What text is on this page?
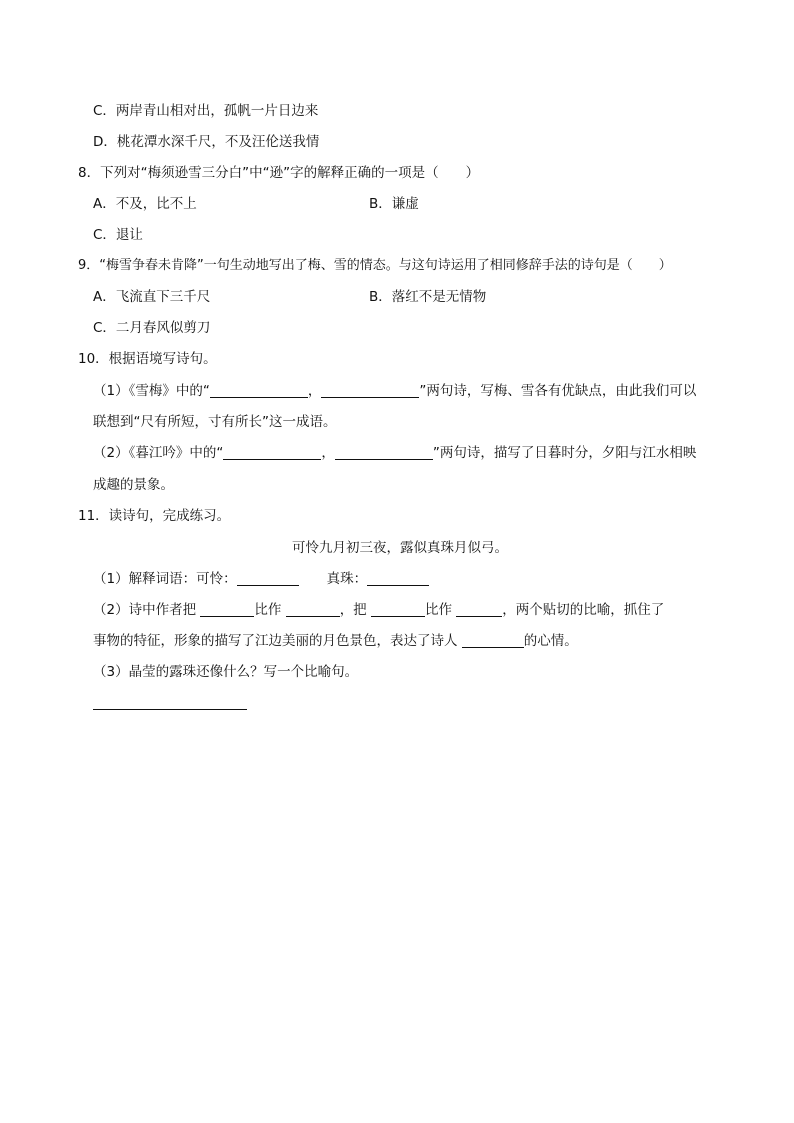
C．两岸青山相对出，孤帆一片日边来
D．桃花潭水深千尺，不及汪伦送我情
8．下列对“梅须逊雪三分白”中“逊”字的解释正确的一项是（　　）
A．不及，比不上	B．谦虚
C．退让
9．“梅雪争春未肯降”一句生动地写出了梅、雪的情态。与这句诗运用了相同修辞手法的诗句是（　　）
A．飞流直下三千尺	B．落红不是无情物
C．二月春风似剪刀
10．根据语境写诗句。
（1）《雪梅》中的“	，	”两句诗，写梅、雪各有优缺点，由此我们可以
联想到“尺有所短，寸有所长”这一成语。
（2）《暮江吟》中的“	，	”两句诗，描写了日暮时分，夕阳与江水相映
成趣的景象。
11．读诗句，完成练习。
可怜九月初三夜，露似真珠月似弓。
（1）解释词语：可怜：	真珠：
（2）诗中作者把	比作	，把	比作	，两个贴切的比喻，抓住了
事物的特征，形象的描写了江边美丽的月色景色，表达了诗人	的心情。
（3）晶莹的露珠还像什么？写一个比喻句。
